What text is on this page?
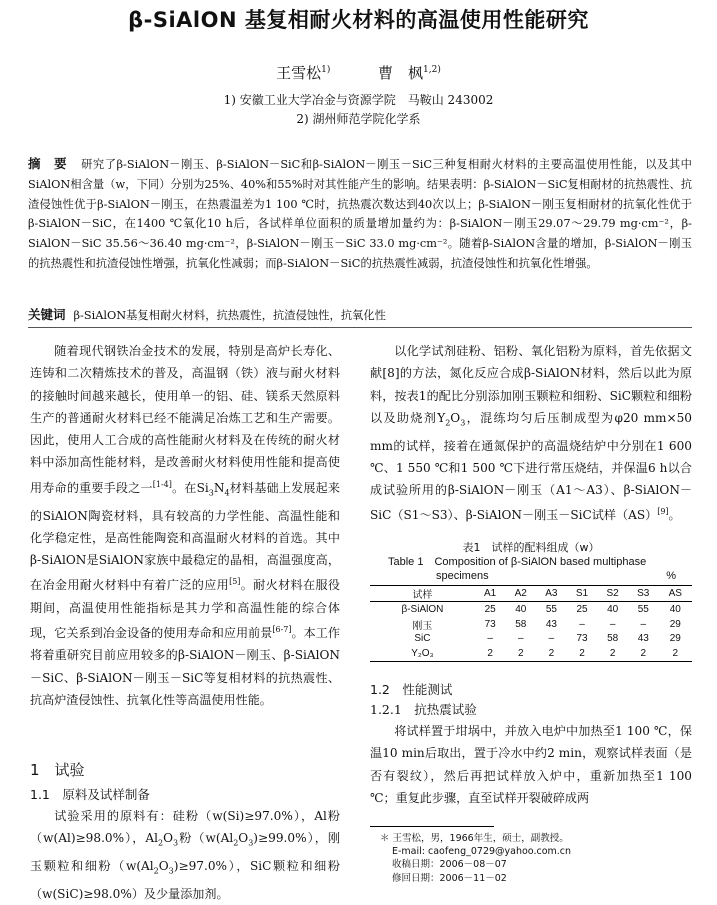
β-SiAlON 基复相耐火材料的高温使用性能研究
王雪松$^{1)}$	曹　枫$^{1,2)}$
1) 安徽工业大学冶金与资源学院　马鞍山 243002
2) 湖州师范学院化学系
摘　要 研究了β-SiAlON－刚玉、β-SiAlON－SiC和β-SiAlON－刚玉－SiC三种复相耐火材料的主要高温使用性能，以及其中SiAlON相含量（w，下同）分别为25%、40%和55%时对其性能产生的影响。结果表明：β-SiAlON－SiC复相耐材的抗热震性、抗渣侵蚀性优于β-SiAlON－刚玉，在热震温差为1 100 ℃时，抗热震次数达到40次以上；β-SiAlON－刚玉复相耐材的抗氧化性优于β-SiAlON－SiC，在1400 ℃氧化10 h后，各试样单位面积的质量增加量约为：β-SiAlON－刚玉29.07～29.79 mg·cm⁻²，β-SiAlON－SiC 35.56～36.40 mg·cm⁻²，β-SiAlON－刚玉－SiC 33.0 mg·cm⁻²。随着β-SiAlON含量的增加，β-SiAlON－刚玉的抗热震性和抗渣侵蚀性增强，抗氧化性减弱；而β-SiAlON－SiC的抗热震性减弱，抗渣侵蚀性和抗氧化性增强。
关键词 β-SiAlON基复相耐火材料，抗热震性，抗渣侵蚀性，抗氧化性

随着现代钢铁冶金技术的发展，特别是高炉长寿化、连铸和二次精炼技术的普及，高温钢（铁）液与耐火材料的接触时间越来越长，使用单一的铝、硅、镁系天然原料生产的普通耐火材料已经不能满足冶炼工艺和生产需要。因此，使用人工合成的高性能耐火材料及在传统的耐火材料中添加高性能材料，是改善耐火材料使用性能和提高使用寿命的重要手段之一[1-4]。在$Si_3N_4$材料基础上发展起来的SiAlON陶瓷材料，具有较高的力学性能、高温性能和化学稳定性，是高性能陶瓷和高温耐火材料的首选。其中β-SiAlON是SiAlON家族中最稳定的晶相，高温强度高，在冶金用耐火材料中有着广泛的应用[5]。耐火材料在服役期间，高温使用性能指标是其力学和高温性能的综合体现，它关系到冶金设备的使用寿命和应用前景[6-7]。本工作将着重研究目前应用较多的β-SiAlON－刚玉、β-SiAlON－SiC、β-SiAlON－刚玉－SiC等复相材料的抗热震性、抗高炉渣侵蚀性、抗氧化性等高温使用性能。

1　试验
1.1　原料及试样制备

试验采用的原料有：硅粉（w(Si)≥97.0%），Al粉（w(Al)≥98.0%），$Al_2O_3$粉$(w(Al_2O_3)\ge 99.0\%)$，刚玉颗粒和细粉$(w(Al_2O_3)\ge 97.0\%)$，SiC颗粒和细粉（w(SiC)≥98.0%）及少量添加剂。

以化学试剂硅粉、铝粉、氧化铝粉为原料，首先依据文献[8]的方法，氮化反应合成β-SiAlON材料，然后以此为原料，按表1的配比分别添加刚玉颗粒和细粉、SiC颗粒和细粉以及助烧剂$Y_2O_3$，混练均匀后压制成型为φ20 mm×50 mm的试样，接着在通氮保护的高温烧结炉中分别在1 600 ℃、1 550 ℃和1 500 ℃下进行常压烧结，并保温6 h以合成试验所用的β-SiAlON－刚玉（A1～A3）、β-SiAlON－SiC（S1～S3）、β-SiAlON－刚玉－SiC试样（AS）[9]。

表1　试样的配料组成（w）
Table 1　Composition of β-SiAlON based multiphase
specimens	%
试样	A1	A2	A3	S1	S2	S3	AS
β-SiAlON	25	40	55	25	40	55	40
刚玉	73	58	43	–	–	–	29
SiC	–	–	–	73	58	43	29
Y₂O₃	2	2	2	2	2	2	2
1.2　性能测试
1.2.1　抗热震试验

将试样置于坩埚中，并放入电炉中加热至1 100 ℃，保温10 min后取出，置于冷水中约2 min，观察试样表面（是否有裂纹），然后再把试样放入炉中，重新加热至1 100 ℃；重复此步骤，直至试样开裂破碎成两

＊ 王雪松，男，1966年生，硕士，副教授。
E-mail: caofeng_0729@yahoo.com.cn
收稿日期：2006－08－07
修回日期：2006－11－02
